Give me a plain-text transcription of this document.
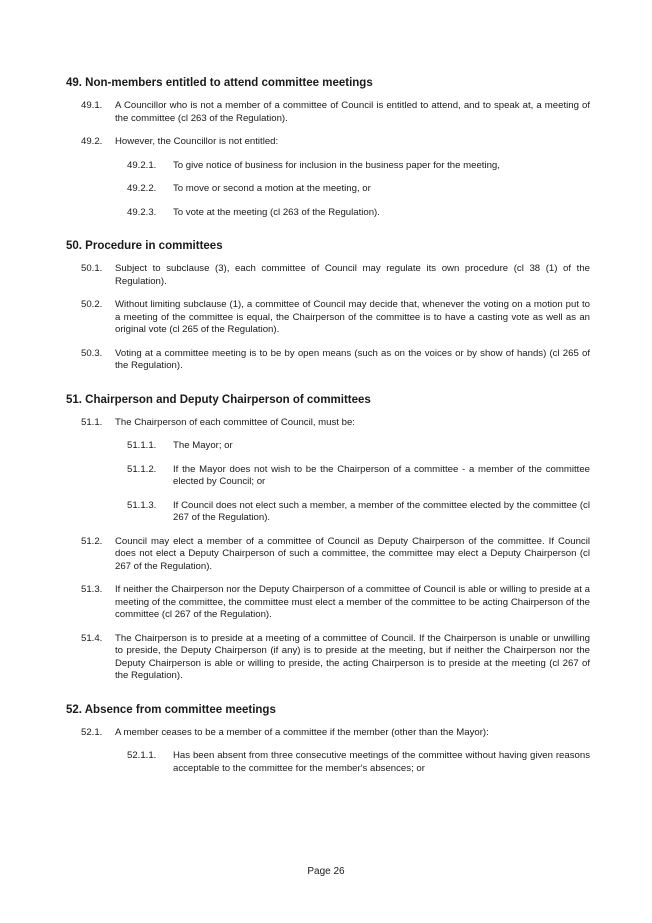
49. Non-members entitled to attend committee meetings
49.1.	A Councillor who is not a member of a committee of Council is entitled to attend, and to speak at, a meeting of the committee (cl 263 of the Regulation).
49.2.	However, the Councillor is not entitled:
49.2.1.	To give notice of business for inclusion in the business paper for the meeting,
49.2.2.	To move or second a motion at the meeting, or
49.2.3.	To vote at the meeting (cl 263 of the Regulation).
50. Procedure in committees
50.1.	Subject to subclause (3), each committee of Council may regulate its own procedure (cl 38 (1) of the Regulation).
50.2.	Without limiting subclause (1), a committee of Council may decide that, whenever the voting on a motion put to a meeting of the committee is equal, the Chairperson of the committee is to have a casting vote as well as an original vote (cl 265 of the Regulation).
50.3.	Voting at a committee meeting is to be by open means (such as on the voices or by show of hands) (cl 265 of the Regulation).
51. Chairperson and Deputy Chairperson of committees
51.1.	The Chairperson of each committee of Council, must be:
51.1.1.	The Mayor; or
51.1.2.	If the Mayor does not wish to be the Chairperson of a committee - a member of the committee elected by Council; or
51.1.3.	If Council does not elect such a member, a member of the committee elected by the committee (cl 267 of the Regulation).
51.2.	Council may elect a member of a committee of Council as Deputy Chairperson of the committee. If Council does not elect a Deputy Chairperson of such a committee, the committee may elect a Deputy Chairperson (cl 267 of the Regulation).
51.3.	If neither the Chairperson nor the Deputy Chairperson of a committee of Council is able or willing to preside at a meeting of the committee, the committee must elect a member of the committee to be acting Chairperson of the committee (cl 267 of the Regulation).
51.4.	The Chairperson is to preside at a meeting of a committee of Council. If the Chairperson is unable or unwilling to preside, the Deputy Chairperson (if any) is to preside at the meeting, but if neither the Chairperson nor the Deputy Chairperson is able or willing to preside, the acting Chairperson is to preside at the meeting (cl 267 of the Regulation).
52. Absence from committee meetings
52.1.	A member ceases to be a member of a committee if the member (other than the Mayor):
52.1.1.	Has been absent from three consecutive meetings of the committee without having given reasons acceptable to the committee for the member's absences; or
Page 26
